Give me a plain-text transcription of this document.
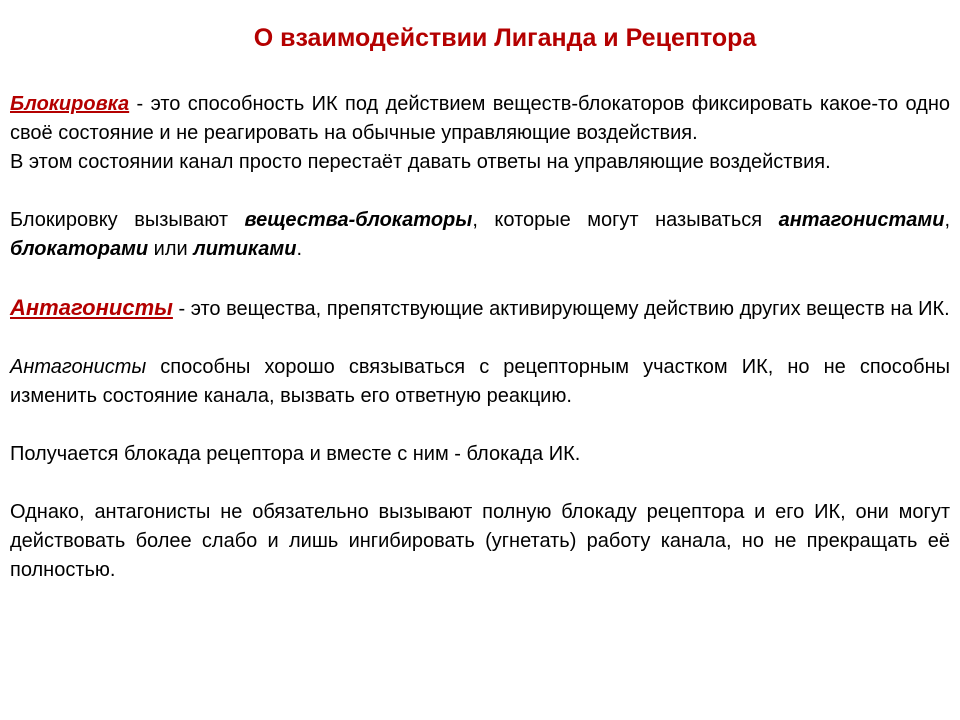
О взаимодействии Лиганда и Рецептора

Блокировка - это способность ИК под действием веществ-блокаторов фиксировать какое-то одно своё состояние и не реагировать на обычные управляющие воздействия.

В этом состоянии канал просто перестаёт давать ответы на управляющие воздействия.

Блокировку вызывают вещества-блокаторы, которые могут называться антагонистами, блокаторами или литиками.

Антагонисты - это вещества, препятствующие активирующему действию других веществ на ИК.

Антагонисты способны хорошо связываться с рецепторным участком ИК, но не способны изменить состояние канала, вызвать его ответную реакцию.

Получается блокада рецептора и вместе с ним - блокада ИК.

Однако, антагонисты не обязательно вызывают полную блокаду рецептора и его ИК, они могут действовать более слабо и лишь ингибировать (угнетать) работу канала, но не прекращать её полностью.
